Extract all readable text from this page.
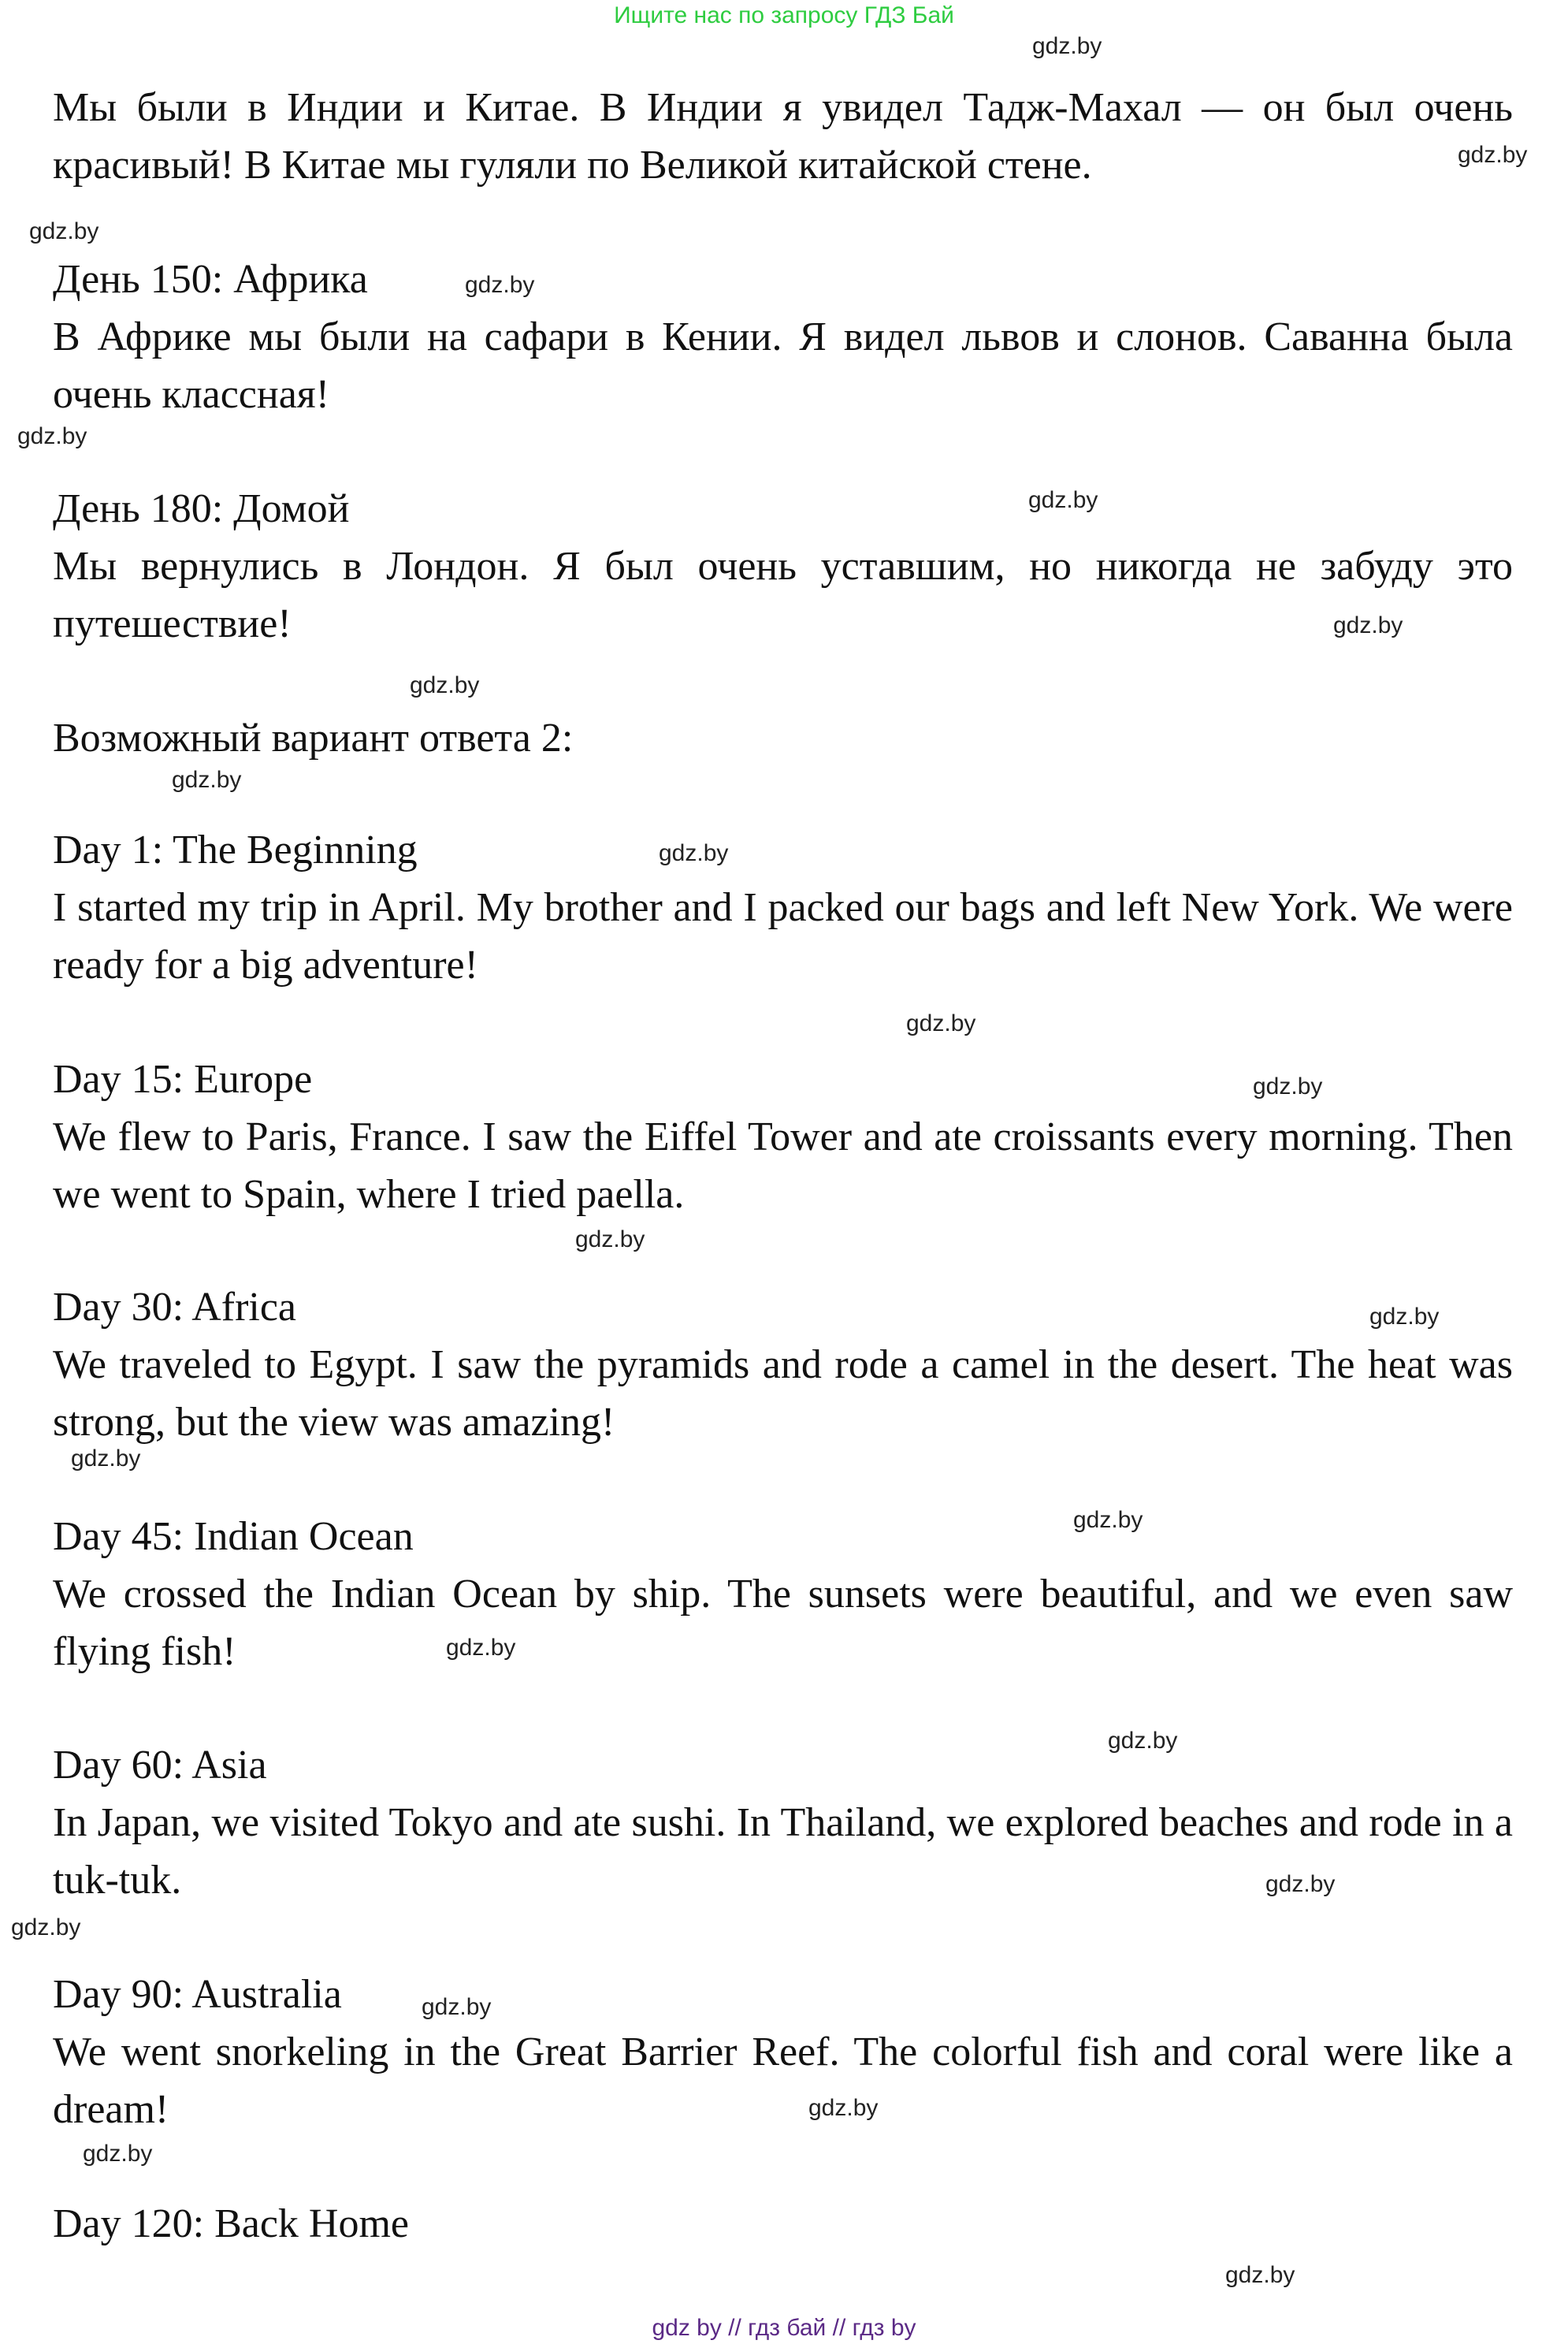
Ищите нас по запросу ГДЗ Бай

Мы были в Индии и Китае. В Индии я увидел Тадж-Махал — он был очень красивый! В Китае мы гуляли по Великой китайской стене.

День 150: Африка

В Африке мы были на сафари в Кении. Я видел львов и слонов. Саванна была очень классная!

День 180: Домой

Мы вернулись в Лондон. Я был очень уставшим, но никогда не забуду это путешествие!

Возможный вариант ответа 2:
Day 1: The Beginning

I started my trip in April. My brother and I packed our bags and left New York. We were ready for a big adventure!

Day 15: Europe

We flew to Paris, France. I saw the Eiffel Tower and ate croissants every morning. Then we went to Spain, where I tried paella.

Day 30: Africa

We traveled to Egypt. I saw the pyramids and rode a camel in the desert. The heat was strong, but the view was amazing!

Day 45: Indian Ocean

We crossed the Indian Ocean by ship. The sunsets were beautiful, and we even saw flying fish!

Day 60: Asia

In Japan, we visited Tokyo and ate sushi. In Thailand, we explored beaches and rode in a tuk-tuk.

Day 90: Australia

We went snorkeling in the Great Barrier Reef. The colorful fish and coral were like a dream!

Day 120: Back Home
gdz.by
gdz.by
gdz.by
gdz.by
gdz.by
gdz.by
gdz.by
gdz.by
gdz.by
gdz.by
gdz.by
gdz.by
gdz.by
gdz.by
gdz.by
gdz.by
gdz.by
gdz.by
gdz.by
gdz.by
gdz.by
gdz.by
gdz.by
gdz.by
gdz by // гдз бай // гдз by
